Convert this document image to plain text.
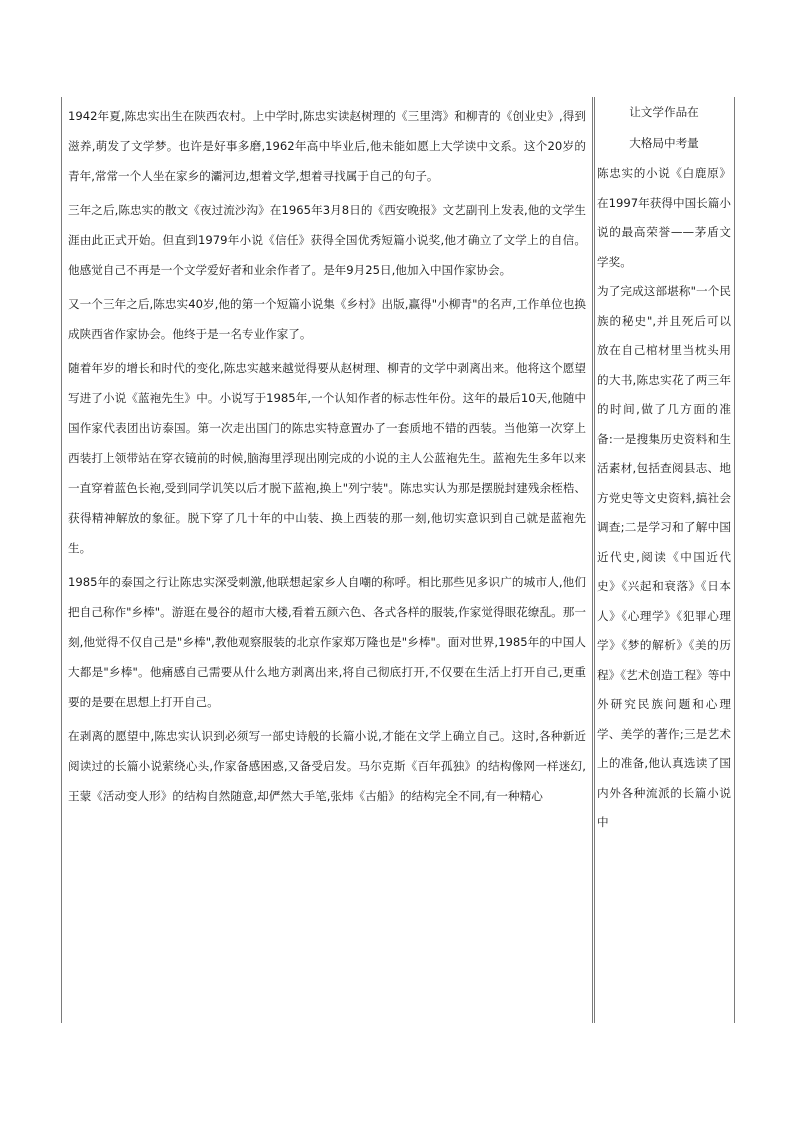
1942年夏,陈忠实出生在陕西农村。上中学时,陈忠实读赵树理的《三里湾》和柳青的《创业史》,得到滋养,萌发了文学梦。也许是好事多磨,1962年高中毕业后,他未能如愿上大学读中文系。这个20岁的青年,常常一个人坐在家乡的灞河边,想着文学,想着寻找属于自己的句子。

三年之后,陈忠实的散文《夜过流沙沟》在1965年3月8日的《西安晚报》文艺副刊上发表,他的文学生涯由此正式开始。但直到1979年小说《信任》获得全国优秀短篇小说奖,他才确立了文学上的自信。他感觉自己不再是一个文学爱好者和业余作者了。是年9月25日,他加入中国作家协会。

又一个三年之后,陈忠实40岁,他的第一个短篇小说集《乡村》出版,赢得"小柳青"的名声,工作单位也换成陕西省作家协会。他终于是一名专业作家了。

随着年岁的增长和时代的变化,陈忠实越来越觉得要从赵树理、柳青的文学中剥离出来。他将这个愿望写进了小说《蓝袍先生》中。小说写于1985年,一个认知作者的标志性年份。这年的最后10天,他随中国作家代表团出访泰国。第一次走出国门的陈忠实特意置办了一套质地不错的西装。当他第一次穿上西装打上领带站在穿衣镜前的时候,脑海里浮现出刚完成的小说的主人公蓝袍先生。蓝袍先生多年以来一直穿着蓝色长袍,受到同学讥笑以后才脱下蓝袍,换上"列宁装"。陈忠实认为那是摆脱封建残余桎梏、获得精神解放的象征。脱下穿了几十年的中山装、换上西装的那一刻,他切实意识到自己就是蓝袍先生。

1985年的泰国之行让陈忠实深受刺激,他联想起家乡人自嘲的称呼。相比那些见多识广的城市人,他们把自己称作"乡棒"。游逛在曼谷的超市大楼,看着五颜六色、各式各样的服装,作家觉得眼花缭乱。那一刻,他觉得不仅自己是"乡棒",教他观察服装的北京作家郑万隆也是"乡棒"。面对世界,1985年的中国人大都是"乡棒"。他痛感自己需要从什么地方剥离出来,将自己彻底打开,不仅要在生活上打开自己,更重要的是要在思想上打开自己。

在剥离的愿望中,陈忠实认识到必须写一部史诗般的长篇小说,才能在文学上确立自己。这时,各种新近阅读过的长篇小说萦绕心头,作家备感困惑,又备受启发。马尔克斯《百年孤独》的结构像网一样迷幻,王蒙《活动变人形》的结构自然随意,却俨然大手笔,张炜《古船》的结构完全不同,有一种精心

让文学作品在

大格局中考量

陈忠实的小说《白鹿原》在1997年获得中国长篇小说的最高荣誉——茅盾文学奖。

为了完成这部堪称"一个民族的秘史",并且死后可以放在自己棺材里当枕头用的大书,陈忠实花了两三年的时间,做了几方面的准备:一是搜集历史资料和生活素材,包括查阅县志、地方党史等文史资料,搞社会调查;二是学习和了解中国近代史,阅读《中国近代史》《兴起和衰落》《日本人》《心理学》《犯罪心理学》《梦的解析》《美的历程》《艺术创造工程》等中外研究民族问题和心理学、美学的著作;三是艺术上的准备,他认真选读了国内外各种流派的长篇小说中
